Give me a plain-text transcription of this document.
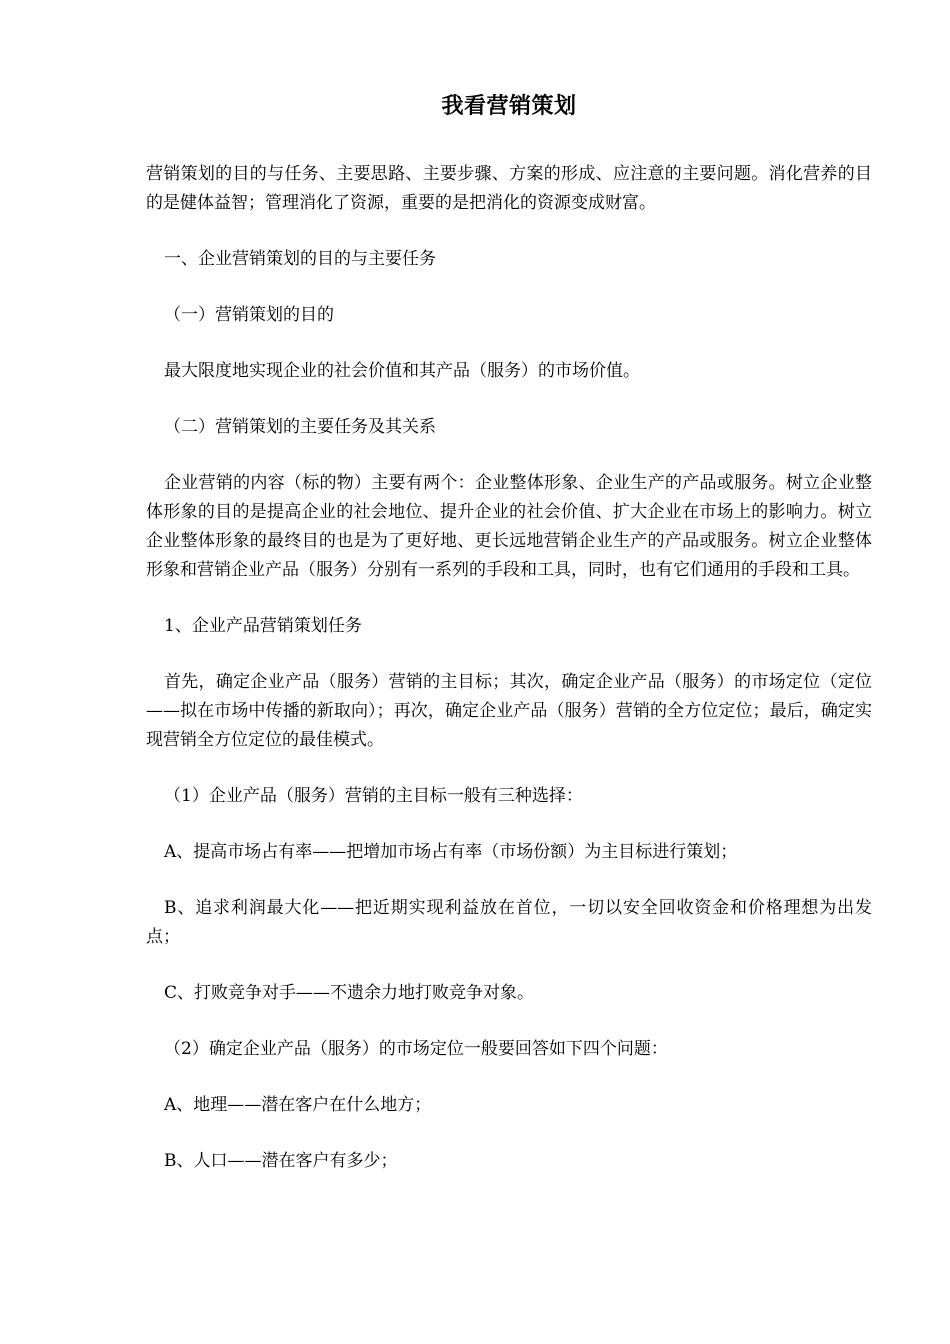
我看营销策划

营销策划的目的与任务、主要思路、主要步骤、方案的形成、应注意的主要问题。消化营养的目的是健体益智；管理消化了资源，重要的是把消化的资源变成财富。

一、企业营销策划的目的与主要任务

（一）营销策划的目的

最大限度地实现企业的社会价值和其产品（服务）的市场价值。

（二）营销策划的主要任务及其关系

企业营销的内容（标的物）主要有两个：企业整体形象、企业生产的产品或服务。树立企业整体形象的目的是提高企业的社会地位、提升企业的社会价值、扩大企业在市场上的影响力。树立企业整体形象的最终目的也是为了更好地、更长远地营销企业生产的产品或服务。树立企业整体形象和营销企业产品（服务）分别有一系列的手段和工具，同时，也有它们通用的手段和工具。

1、企业产品营销策划任务

首先，确定企业产品（服务）营销的主目标；其次，确定企业产品（服务）的市场定位（定位——拟在市场中传播的新取向）；再次，确定企业产品（服务）营销的全方位定位；最后，确定实现营销全方位定位的最佳模式。

（1）企业产品（服务）营销的主目标一般有三种选择：

A、提高市场占有率——把增加市场占有率（市场份额）为主目标进行策划；

B、追求利润最大化——把近期实现利益放在首位，一切以安全回收资金和价格理想为出发点；

C、打败竞争对手——不遗余力地打败竞争对象。

（2）确定企业产品（服务）的市场定位一般要回答如下四个问题：

A、地理——潜在客户在什么地方；

B、人口——潜在客户有多少；
